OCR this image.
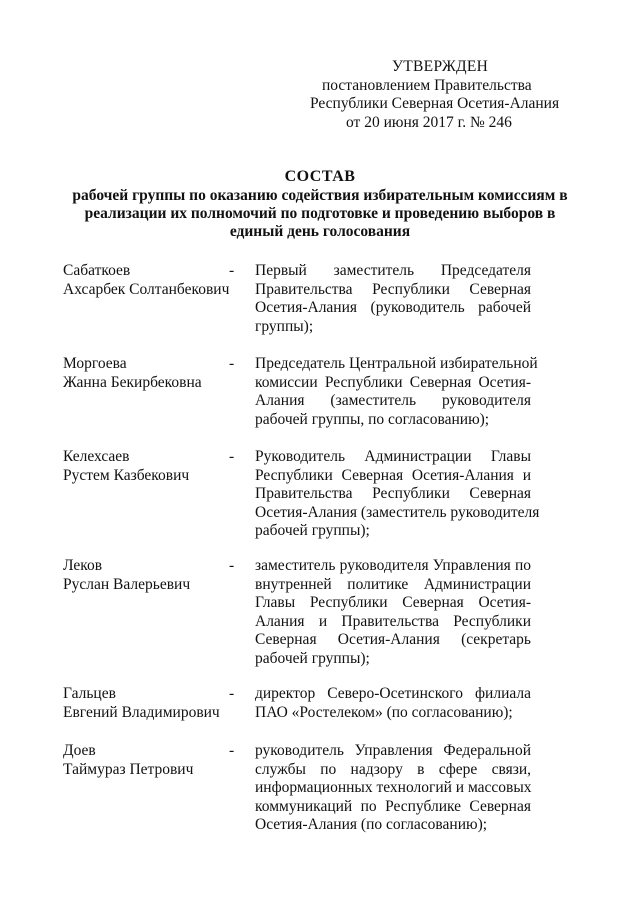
УТВЕРЖДЕН
постановлением Правительства
Республики Северная Осетия-Алания
от 20 июня 2017 г. № 246
СОСТАВ
рабочей группы по оказанию содействия избирательным комиссиям в
реализации их полномочий по подготовке и проведению выборов в
единый день голосования
Сабаткоев
Ахсарбек Солтанбекович
-	Первый заместитель Председателя
Правительства Республики Северная
Осетия-Алания (руководитель рабочей
группы);
Моргоева
Жанна Бекирбековна
-	Председатель Центральной избирательной
комиссии Республики Северная Осетия-
Алания (заместитель руководителя
рабочей группы, по согласованию);
Келехсаев
Рустем Казбекович
-	Руководитель Администрации Главы
Республики Северная Осетия-Алания и
Правительства Республики Северная
Осетия-Алания (заместитель руководителя
рабочей группы);
Леков
Руслан Валерьевич
-	заместитель руководителя Управления по
внутренней политике Администрации
Главы Республики Северная Осетия-
Алания и Правительства Республики
Северная Осетия-Алания (секретарь
рабочей группы);
Гальцев
Евгений Владимирович
-	директор Северо-Осетинского филиала
ПАО «Ростелеком» (по согласованию);
Доев
Таймураз Петрович
-	руководитель Управления Федеральной
службы по надзору в сфере связи,
информационных технологий и массовых
коммуникаций по Республике Северная
Осетия-Алания (по согласованию);
